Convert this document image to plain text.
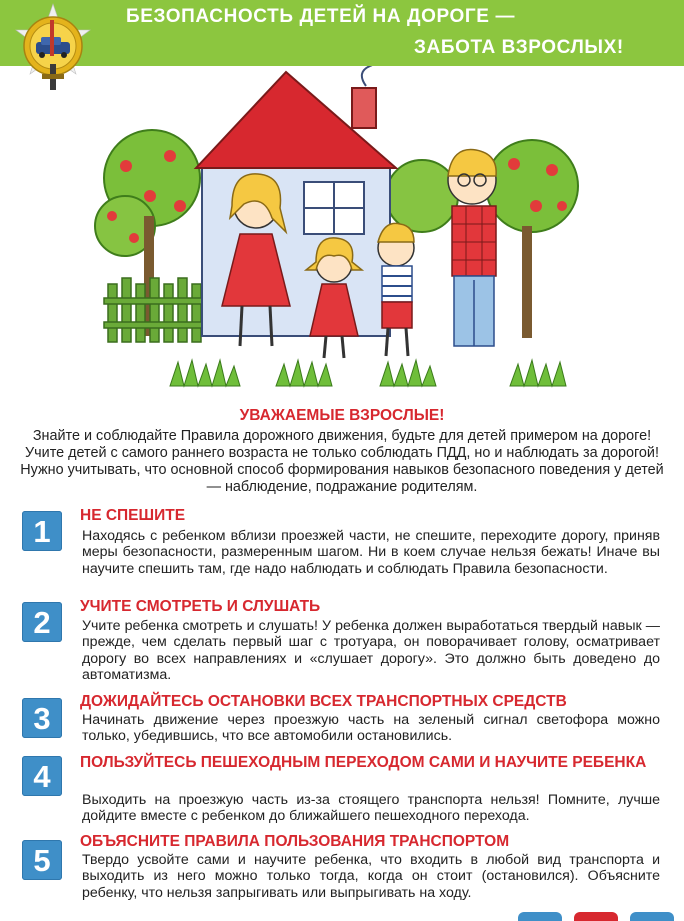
БЕЗОПАСНОСТЬ ДЕТЕЙ НА ДОРОГЕ —
ЗАБОТА ВЗРОСЛЫХ!
УВАЖАЕМЫЕ ВЗРОСЛЫЕ!
Знайте и соблюдайте Правила дорожного движения, будьте для детей примером на дороге! Учите детей с самого раннего возраста не только соблюдать ПДД, но и наблюдать за дорогой! Нужно учитывать, что основной способ формирования навыков безопасного поведения у детей — наблюдение, подражание родителям.
1	НЕ СПЕШИТЕ
Находясь с ребенком вблизи проезжей части, не спешите, переходите дорогу, приняв меры безопасности, размеренным шагом. Ни в коем случае нельзя бежать! Иначе вы научите спешить там, где надо наблюдать и соблюдать Правила безопасности.
2	УЧИТЕ СМОТРЕТЬ И СЛУШАТЬ
Учите ребенка смотреть и слушать! У ребенка должен выработаться твердый навык — прежде, чем сделать первый шаг с тротуара, он поворачивает голову, осматривает дорогу во всех направлениях и «слушает дорогу». Это должно быть доведено до автоматизма.
3	ДОЖИДАЙТЕСЬ ОСТАНОВКИ ВСЕХ ТРАНСПОРТНЫХ СРЕДСТВ
Начинать движение через проезжую часть на зеленый сигнал светофора можно только, убедившись, что все автомобили остановились.
4	ПОЛЬЗУЙТЕСЬ ПЕШЕХОДНЫМ ПЕРЕХОДОМ САМИ И НАУЧИТЕ РЕБЕНКА
Выходить на проезжую часть из-за стоящего транспорта нельзя! Помните, лучше дойдите вместе с ребенком до ближайшего пешеходного перехода.
5
ОБЪЯСНИТЕ ПРАВИЛА ПОЛЬЗОВАНИЯ ТРАНСПОРТОМ
Твердо усвойте сами и научите ребенка, что входить в любой вид транспорта и выходить из него можно только тогда, когда он стоит (остановился). Объясните ребенку, что нельзя запрыгивать или выпрыгивать на ходу.
